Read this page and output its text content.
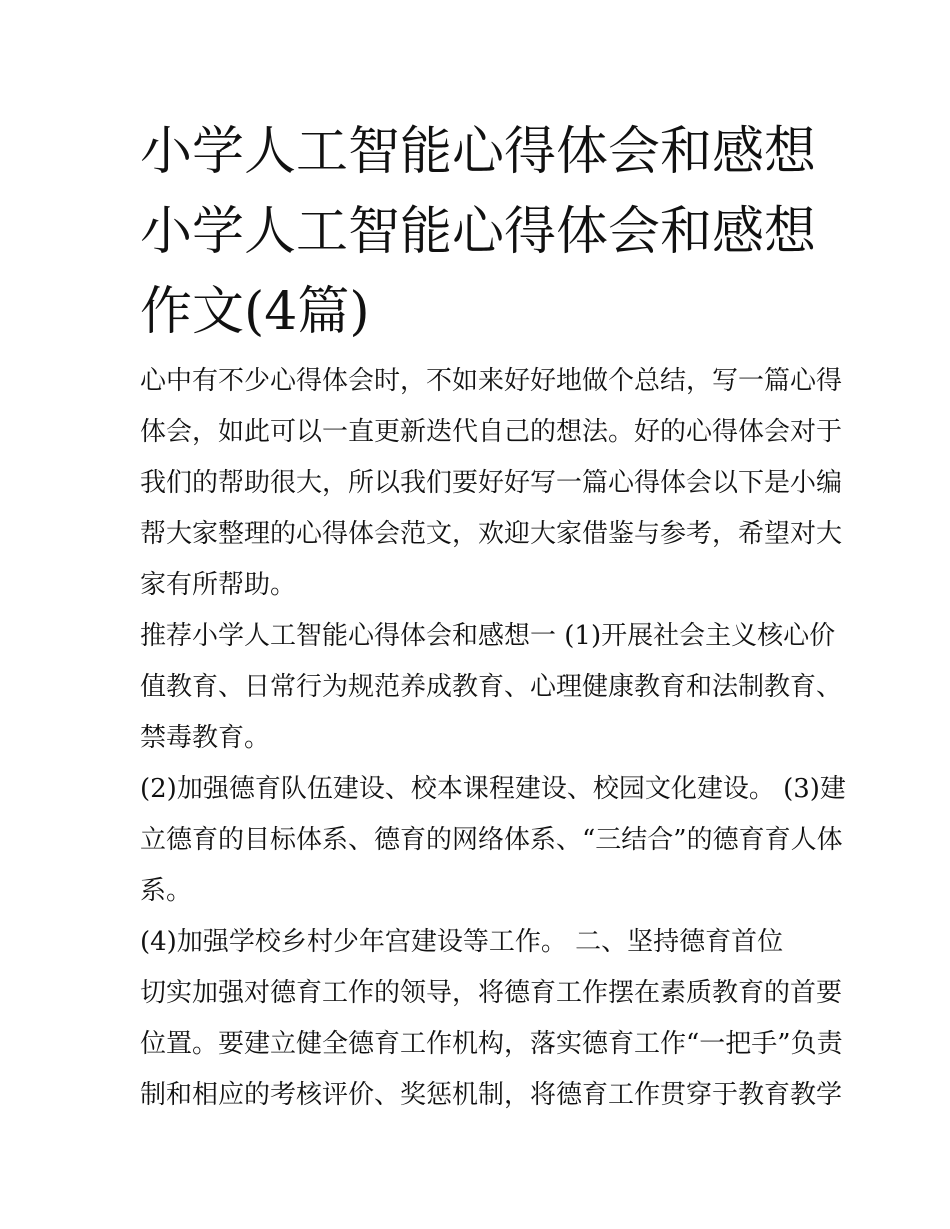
小学人工智能心得体会和感想
小学人工智能心得体会和感想
作文(4篇)
心中有不少心得体会时，不如来好好地做个总结，写一篇心得
体会，如此可以一直更新迭代自己的想法。好的心得体会对于
我们的帮助很大，所以我们要好好写一篇心得体会以下是小编
帮大家整理的心得体会范文，欢迎大家借鉴与参考，希望对大
家有所帮助。
推荐小学人工智能心得体会和感想一 (1)开展社会主义核心价
值教育、日常行为规范养成教育、心理健康教育和法制教育、
禁毒教育。
(2)加强德育队伍建设、校本课程建设、校园文化建设。 (3)建
立德育的目标体系、德育的网络体系、“三结合”的德育育人体
系。
(4)加强学校乡村少年宫建设等工作。 二、坚持德育首位
切实加强对德育工作的领导，将德育工作摆在素质教育的首要
位置。要建立健全德育工作机构，落实德育工作“一把手”负责
制和相应的考核评价、奖惩机制，将德育工作贯穿于教育教学
